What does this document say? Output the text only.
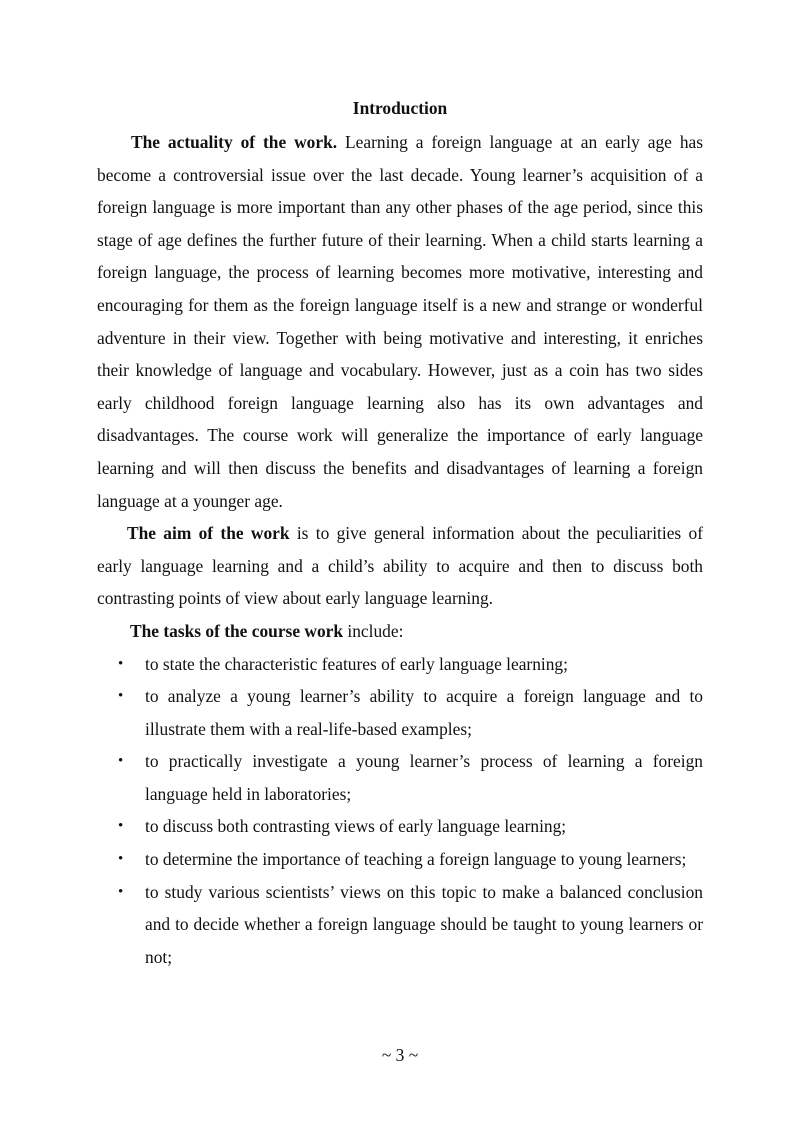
Introduction

The actuality of the work. Learning a foreign language at an early age has become a controversial issue over the last decade. Young learner’s acquisition of a foreign language is more important than any other phases of the age period, since this stage of age defines the further future of their learning. When a child starts learning a foreign language, the process of learning becomes more motivative, interesting and encouraging for them as the foreign language itself is a new and strange or wonderful adventure in their view. Together with being motivative and interesting, it enriches their knowledge of language and vocabulary. However, just as a coin has two sides early childhood foreign language learning also has its own advantages and disadvantages. The course work will generalize the importance of early language learning and will then discuss the benefits and disadvantages of learning a foreign language at a younger age.

The aim of the work is to give general information about the peculiarities of early language learning and a child’s ability to acquire and then to discuss both contrasting points of view about early language learning.

The tasks of the course work include:

• to state the characteristic features of early language learning;
• to analyze a young learner’s ability to acquire a foreign language and to illustrate them with a real-life-based examples;
• to practically investigate a young learner’s process of learning a foreign language held in laboratories;
• to discuss both contrasting views of early language learning;
• to determine the importance of teaching a foreign language to young learners;
• to study various scientists’ views on this topic to make a balanced conclusion and to decide whether a foreign language should be taught to young learners or not;
~ 3 ~
